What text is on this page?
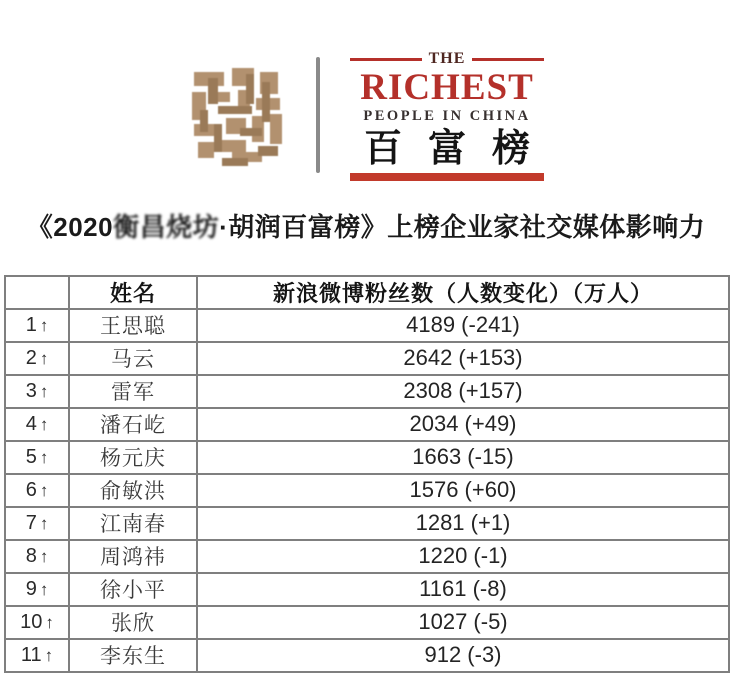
THE
RICHEST
PEOPLE IN CHINA
百富榜
《2020衡昌烧坊·胡润百富榜》上榜企业家社交媒体影响力
	姓名	新浪微博粉丝数（人数变化）（万人）
1 ↑	王思聪	4189 (-241)
2 ↑	马云	2642 (+153)
3 ↑	雷军	2308 (+157)
4 ↑	潘石屹	2034 (+49)
5 ↑	杨元庆	1663 (-15)
6 ↑	俞敏洪	1576 (+60)
7 ↑	江南春	1281 (+1)
8 ↑	周鸿祎	1220 (-1)
9 ↑	徐小平	1161 (-8)
10 ↑	张欣	1027 (-5)
11 ↑	李东生	912 (-3)
